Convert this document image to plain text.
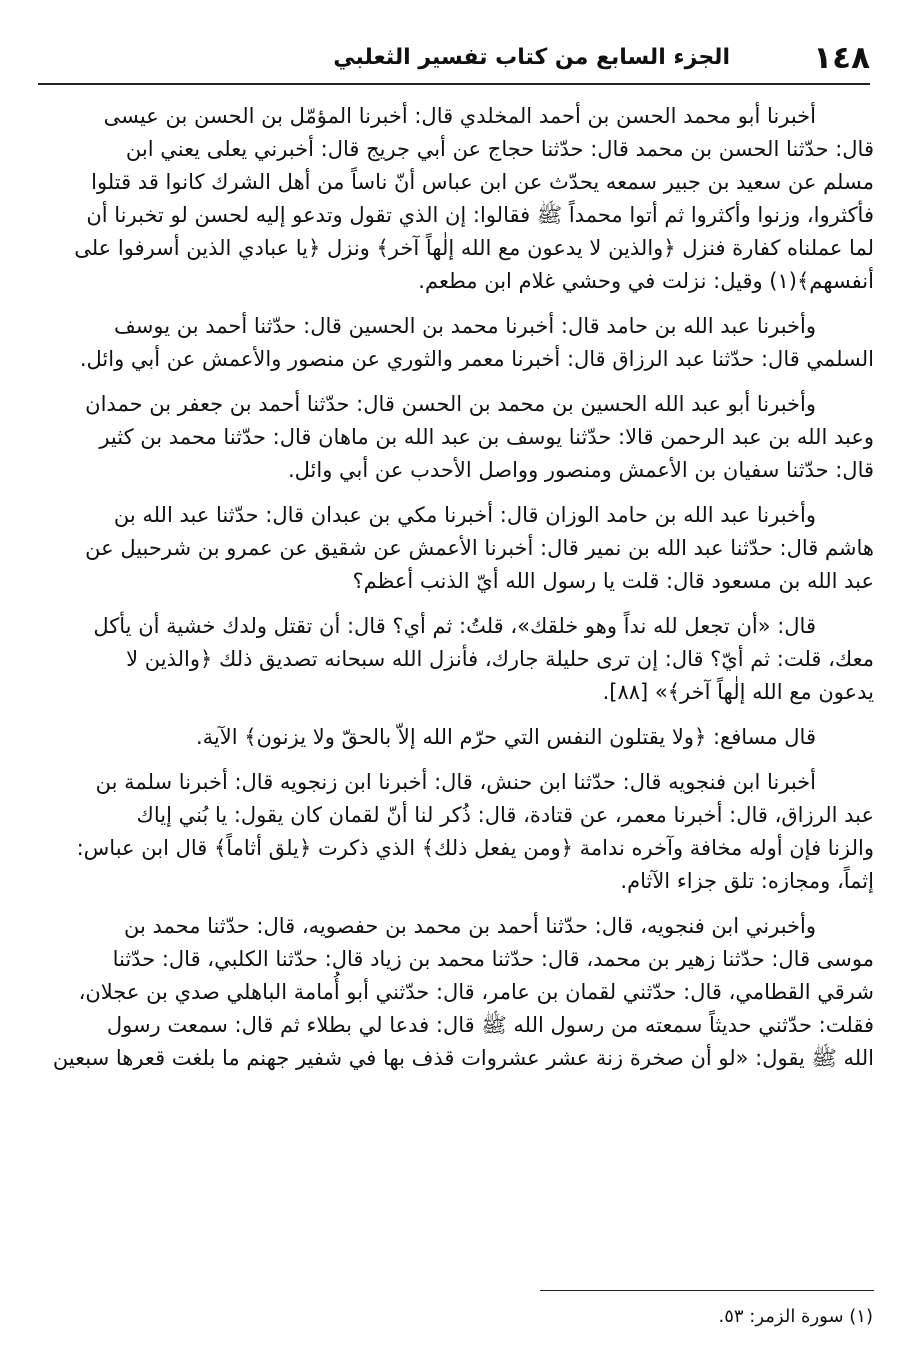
١٤٨
الجزء السابع من كتاب تفسير الثعلبي

أخبرنا أبو محمد الحسن بن أحمد المخلدي قال: أخبرنا المؤمّل بن الحسن بن عيسى

قال: حدّثنا الحسن بن محمد قال: حدّثنا حجاج عن أبي جريج قال: أخبرني يعلى يعني ابن

مسلم عن سعيد بن جبير سمعه يحدّث عن ابن عباس أنّ ناساً من أهل الشرك كانوا قد قتلوا

فأكثروا، وزنوا وأكثروا ثم أتوا محمداً ﷺ فقالوا: إن الذي تقول وتدعو إليه لحسن لو تخبرنا أن

لما عملناه كفارة فنزل ﴿والذين لا يدعون مع الله إلٰهاً آخر﴾ ونزل ﴿يا عبادي الذين أسرفوا على

أنفسهم﴾(١) وقيل: نزلت في وحشي غلام ابن مطعم.

وأخبرنا عبد الله بن حامد قال: أخبرنا محمد بن الحسين قال: حدّثنا أحمد بن يوسف

السلمي قال: حدّثنا عبد الرزاق قال: أخبرنا معمر والثوري عن منصور والأعمش عن أبي وائل.

وأخبرنا أبو عبد الله الحسين بن محمد بن الحسن قال: حدّثنا أحمد بن جعفر بن حمدان

وعبد الله بن عبد الرحمن قالا: حدّثنا يوسف بن عبد الله بن ماهان قال: حدّثنا محمد بن كثير

قال: حدّثنا سفيان بن الأعمش ومنصور وواصل الأحدب عن أبي وائل.

وأخبرنا عبد الله بن حامد الوزان قال: أخبرنا مكي بن عبدان قال: حدّثنا عبد الله بن

هاشم قال: حدّثنا عبد الله بن نمير قال: أخبرنا الأعمش عن شقيق عن عمرو بن شرحبيل عن

عبد الله بن مسعود قال: قلت يا رسول الله أيّ الذنب أعظم؟

قال: «أن تجعل لله نداً وهو خلقك»، قلتُ: ثم أي؟ قال: أن تقتل ولدك خشية أن يأكل

معك، قلت: ثم أيّ؟ قال: إن ترى حليلة جارك، فأنزل الله سبحانه تصديق ذلك ﴿والذين لا

يدعون مع الله إلٰهاً آخر﴾» [٨٨].

قال مسافع: ﴿ولا يقتلون النفس التي حرّم الله إلاّ بالحقّ ولا يزنون﴾ الآية.

أخبرنا ابن فنجويه قال: حدّثنا ابن حنش، قال: أخبرنا ابن زنجويه قال: أخبرنا سلمة بن

عبد الرزاق، قال: أخبرنا معمر، عن قتادة، قال: ذُكر لنا أنّ لقمان كان يقول: يا بُني إياك

والزنا فإن أوله مخافة وآخره ندامة ﴿ومن يفعل ذلك﴾ الذي ذكرت ﴿يلق أثاماً﴾ قال ابن عباس:

إثماً، ومجازه: تلق جزاء الآثام.

وأخبرني ابن فنجويه، قال: حدّثنا أحمد بن محمد بن حفصويه، قال: حدّثنا محمد بن

موسى قال: حدّثنا زهير بن محمد، قال: حدّثنا محمد بن زياد قال: حدّثنا الكلبي، قال: حدّثنا

شرقي القطامي، قال: حدّثني لقمان بن عامر، قال: حدّثني أبو أُمامة الباهلي صدي بن عجلان،

فقلت: حدّثني حديثاً سمعته من رسول الله ﷺ قال: فدعا لي بطلاء ثم قال: سمعت رسول

الله ﷺ يقول: «لو أن صخرة زنة عشر عشروات قذف بها في شفير جهنم ما بلغت قعرها سبعين

(١) سورة الزمر: ٥٣.
